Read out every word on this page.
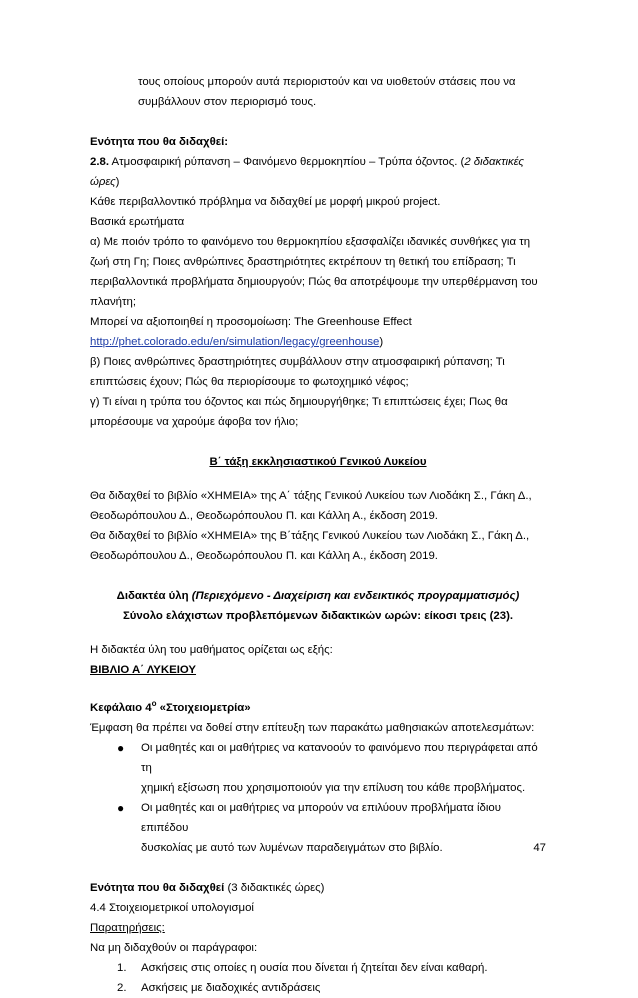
τους οποίους μπορούν αυτά περιοριστούν και να υιοθετούν στάσεις που να

συμβάλλουν στον περιορισμό τους.

Ενότητα που θα διδαχθεί:

2.8. Ατμοσφαιρική ρύπανση – Φαινόμενο θερμοκηπίου – Τρύπα όζοντος. (2 διδακτικές

ώρες)

Κάθε περιβαλλοντικό πρόβλημα να διδαχθεί με μορφή μικρού project.

Βασικά ερωτήματα

α) Με ποιόν τρόπο το φαινόμενο του θερμοκηπίου εξασφαλίζει ιδανικές συνθήκες για τη

ζωή στη Γη; Ποιες ανθρώπινες δραστηριότητες εκτρέπουν τη θετική του επίδραση; Τι

περιβαλλοντικά προβλήματα δημιουργούν; Πώς θα αποτρέψουμε την υπερθέρμανση του

πλανήτη;

Μπορεί να αξιοποιηθεί η προσομοίωση: The Greenhouse Effect

http://phet.colorado.edu/en/simulation/legacy/greenhouse)

β) Ποιες ανθρώπινες δραστηριότητες συμβάλλουν στην ατμοσφαιρική ρύπανση; Τι

επιπτώσεις έχουν; Πώς θα περιορίσουμε το φωτοχημικό νέφος;

γ) Τι είναι η τρύπα του όζοντος και πώς δημιουργήθηκε; Τι επιπτώσεις έχει; Πως θα

μπορέσουμε να χαρούμε άφοβα τον ήλιο;

Β΄ τάξη εκκλησιαστικού Γενικού Λυκείου

Θα διδαχθεί το βιβλίο «ΧΗΜΕΙΑ» της Α΄ τάξης Γενικού Λυκείου των Λιοδάκη Σ., Γάκη Δ.,

Θεοδωρόπουλου Δ., Θεοδωρόπουλου Π. και Κάλλη Α., έκδοση 2019.

Θα διδαχθεί το βιβλίο «ΧΗΜΕΙΑ» της Β΄τάξης Γενικού Λυκείου των Λιοδάκη Σ., Γάκη Δ.,

Θεοδωρόπουλου Δ., Θεοδωρόπουλου Π. και Κάλλη Α., έκδοση 2019.

Διδακτέα ύλη (Περιεχόμενο - Διαχείριση και ενδεικτικός προγραμματισμός)

Σύνολο ελάχιστων προβλεπόμενων διδακτικών ωρών: είκοσι τρεις (23).

Η διδακτέα ύλη του μαθήματος ορίζεται ως εξής:

ΒΙΒΛΙΟ Α΄ ΛΥΚΕΙΟΥ

Κεφάλαιο $4^o$ «Στοιχειομετρία»

Έμφαση θα πρέπει να δοθεί στην επίτευξη των παρακάτω μαθησιακών αποτελεσμάτων:

● Οι μαθητές και οι μαθήτριες να κατανοούν το φαινόμενο που περιγράφεται από τη
χημική εξίσωση που χρησιμοποιούν για την επίλυση του κάθε προβλήματος.
● Οι μαθητές και οι μαθήτριες να μπορούν να επιλύουν προβλήματα ίδιου επιπέδου
δυσκολίας με αυτό των λυμένων παραδειγμάτων στο βιβλίο.

Ενότητα που θα διδαχθεί (3 διδακτικές ώρες)

4.4 Στοιχειομετρικοί υπολογισμοί

Παρατηρήσεις:

Να μη διδαχθούν οι παράγραφοι:

1. Ασκήσεις στις οποίες η ουσία που δίνεται ή ζητείται δεν είναι καθαρή.
2. Ασκήσεις με διαδοχικές αντιδράσεις
47
